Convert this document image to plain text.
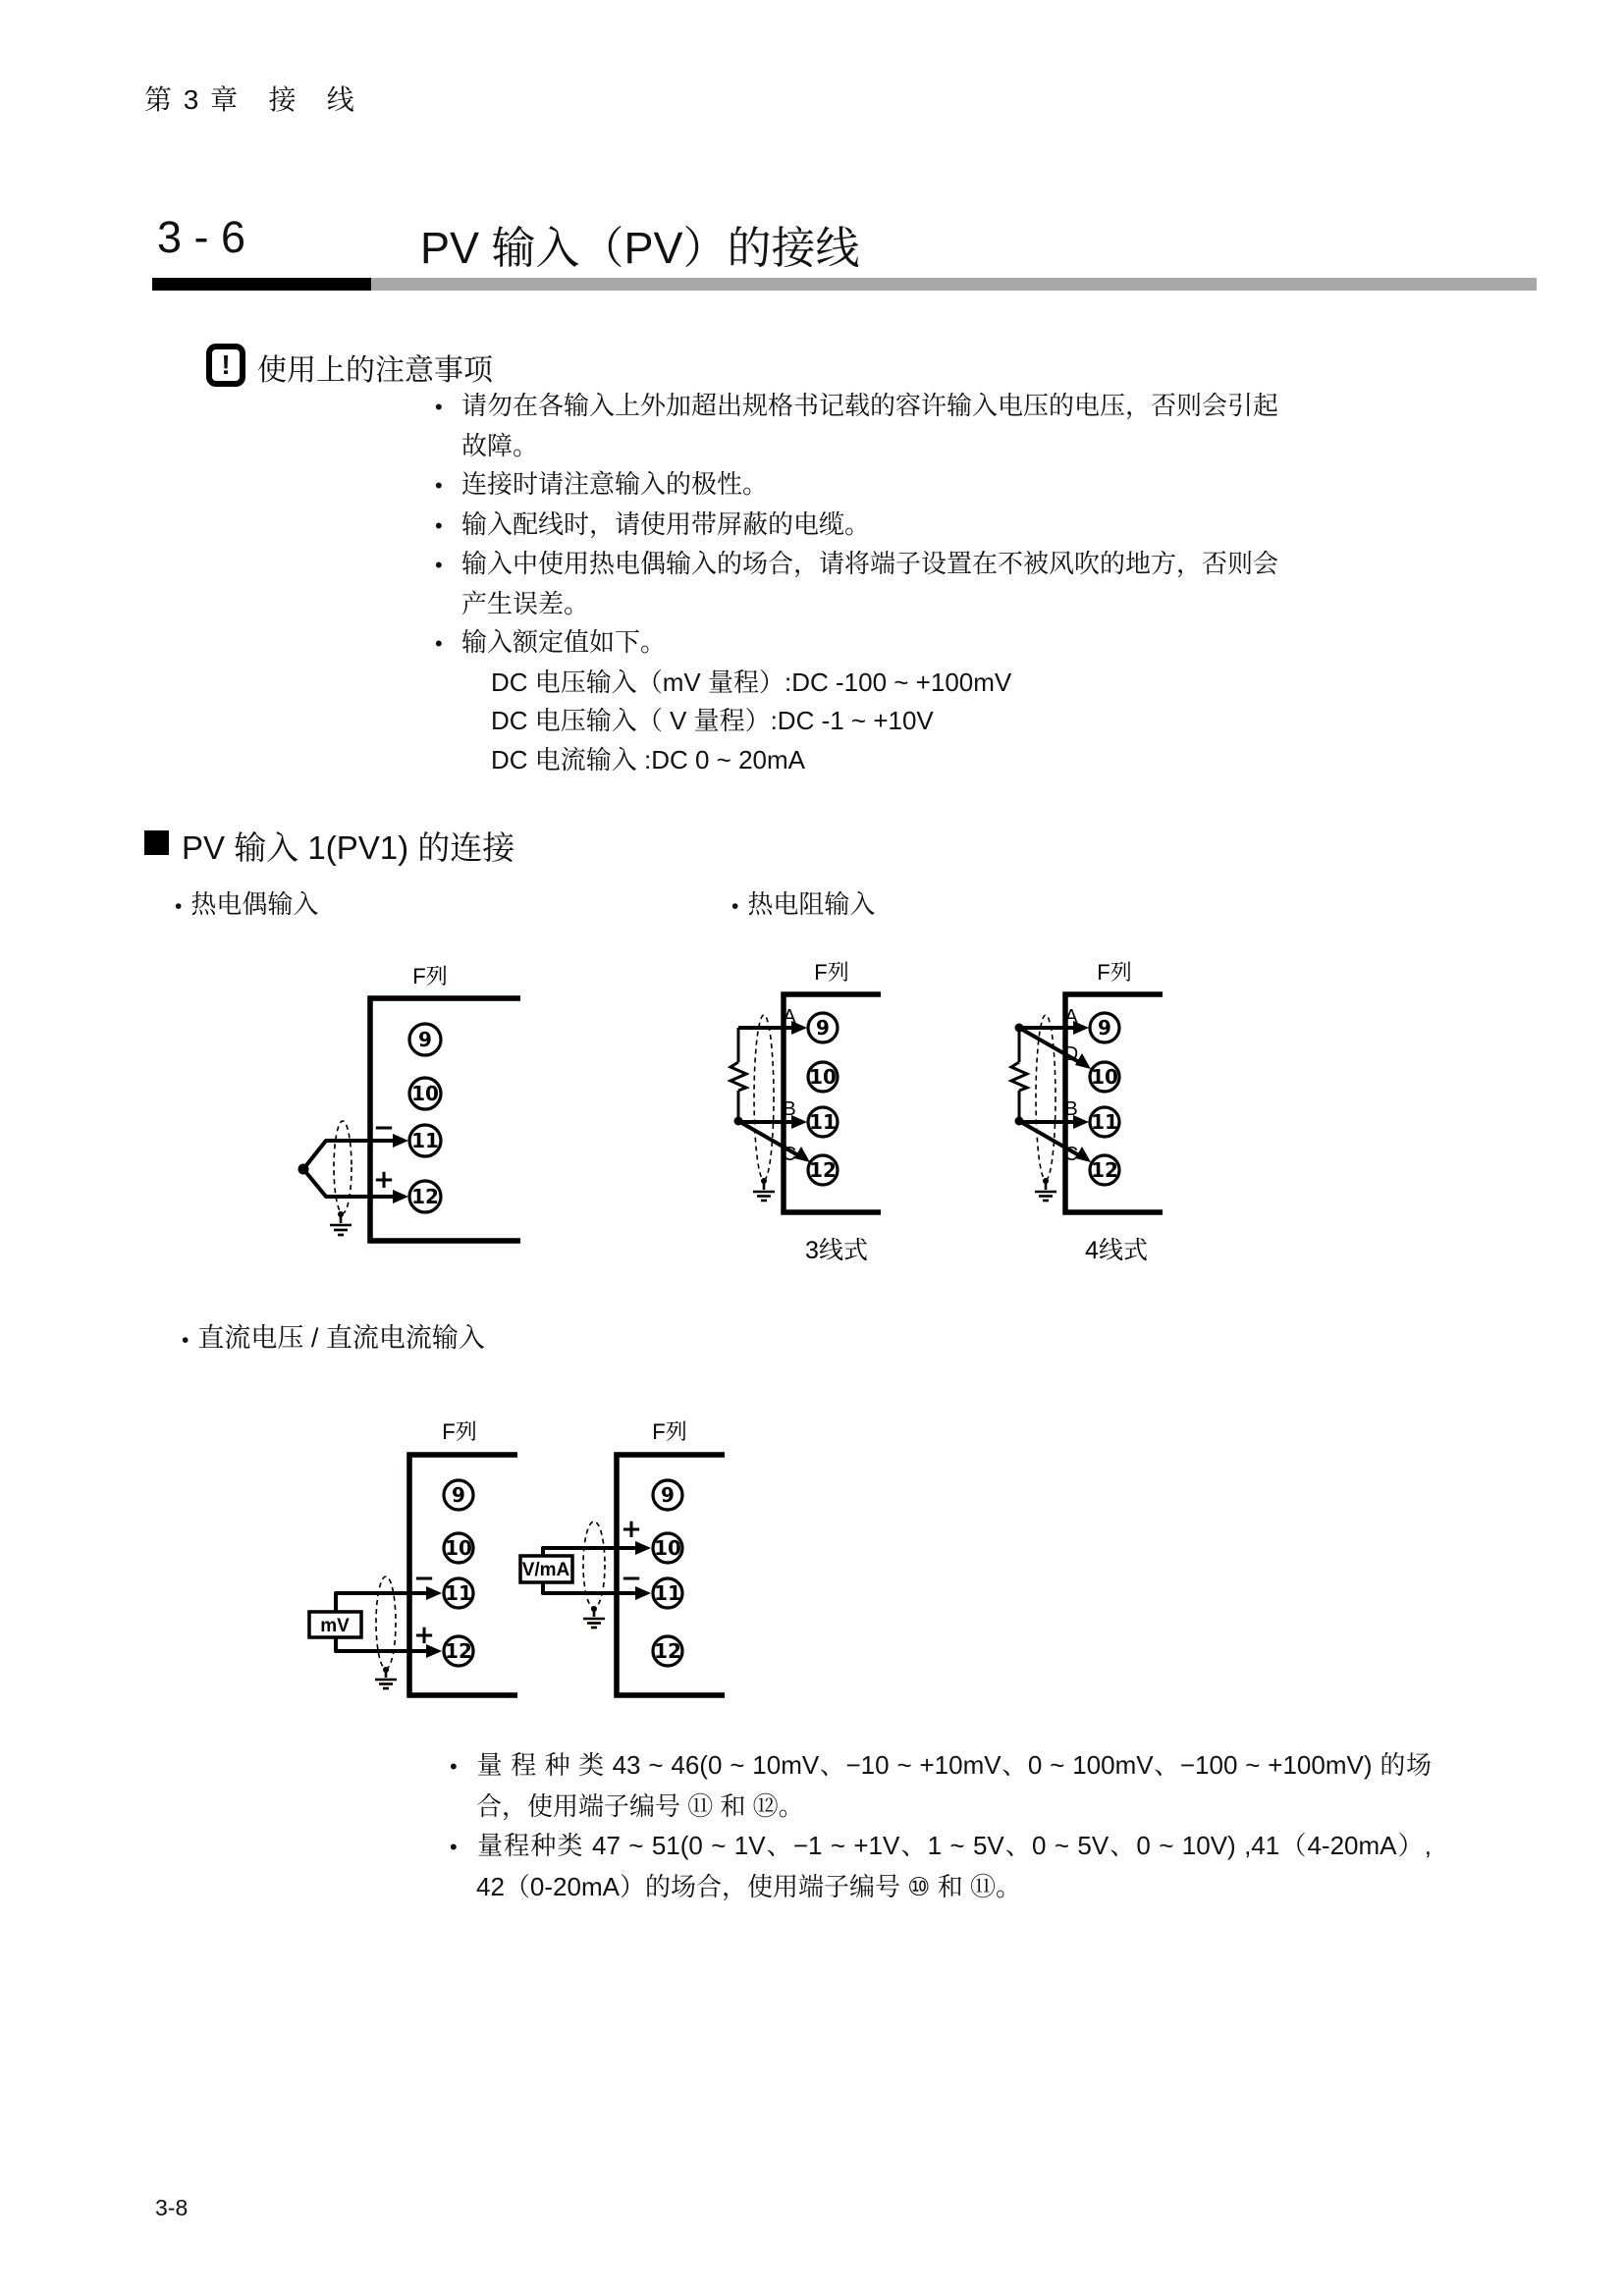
第 3 章   接   线
3 - 6	PV 输入（PV）的接线
! 使用上的注意事项
• 请勿在各输入上外加超出规格书记载的容许输入电压的电压，否则会引起故障。
• 连接时请注意输入的极性。
• 输入配线时，请使用带屏蔽的电缆。
• 输入中使用热电偶输入的场合，请将端子设置在不被风吹的地方，否则会产生误差。
• 输入额定值如下。
DC 电压输入（mV 量程）:DC -100 ~ +100mV
DC 电压输入（ V 量程）:DC -1 ~ +10V
DC 电流输入 :DC 0 ~ 20mA
PV 输入 1(PV1) 的连接
• 热电偶输入	• 热电阻输入
F列
−
+
9
10
11
12
F列
A
B
C
9
10
11
12
3线式
F列
A
D
B
C
9
10
11
12
4线式
• 直流电压 / 直流电流输入
F列
mV
−
+
9
10
11
12
F列
V/mA
+
−
9
10
11
12
• 量 程 种 类 43 ~ 46(0 ~ 10mV、−10 ~ +10mV、0 ~ 100mV、−100 ~ +100mV) 的场合，使用端子编号 ⑪ 和 ⑫。
• 量程种类 47 ~ 51(0 ~ 1V、−1 ~ +1V、1 ~ 5V、0 ~ 5V、0 ~ 10V) ,41（4-20mA）, 42（0-20mA）的场合，使用端子编号 ⑩ 和 ⑪。
3-8
